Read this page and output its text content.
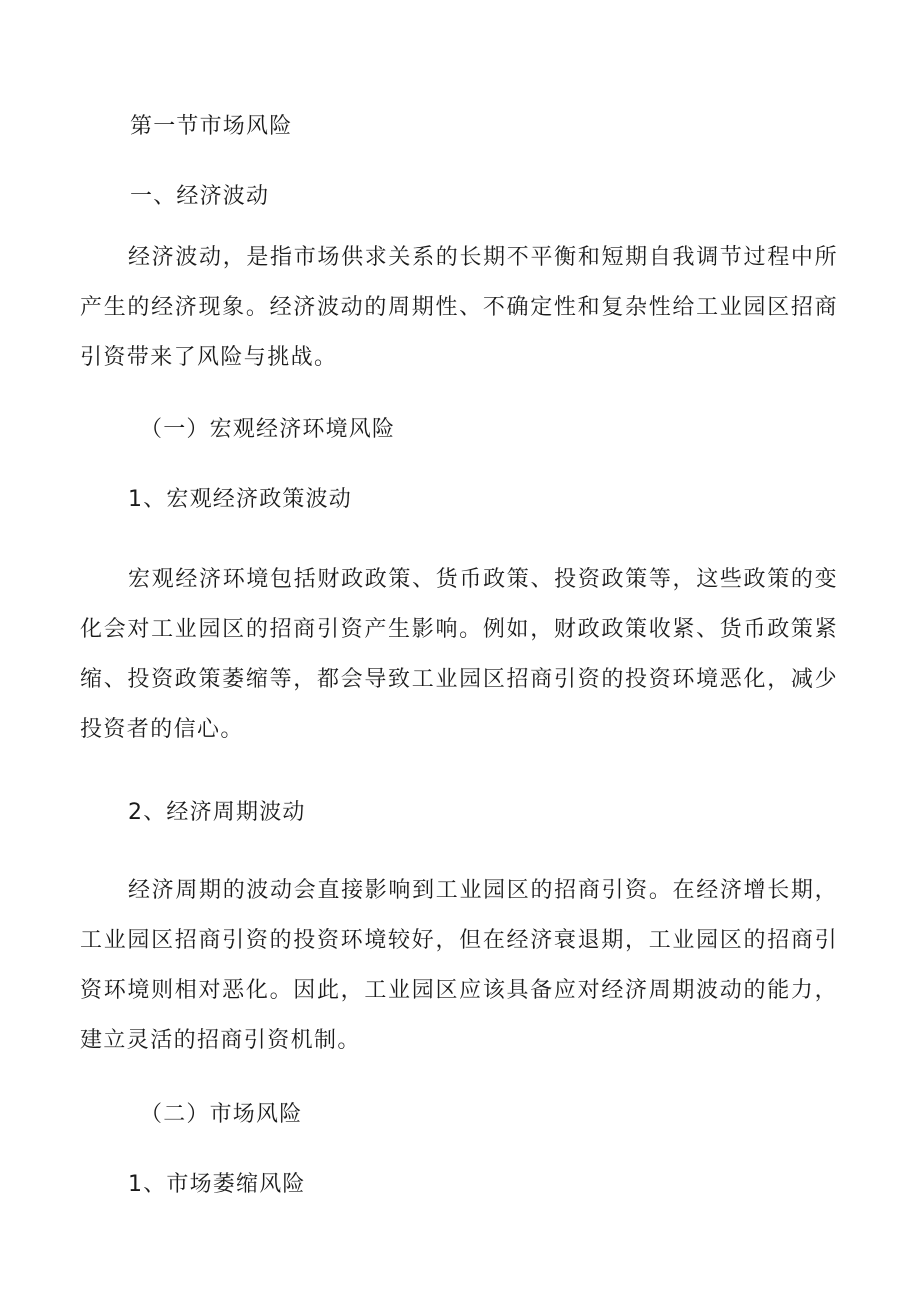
第一节市场风险
一、经济波动
经济波动，是指市场供求关系的长期不平衡和短期自我调节过程中所产生的经济现象。经济波动的周期性、不确定性和复杂性给工业园区招商引资带来了风险与挑战。
（一）宏观经济环境风险
1、宏观经济政策波动
宏观经济环境包括财政政策、货币政策、投资政策等，这些政策的变化会对工业园区的招商引资产生影响。例如，财政政策收紧、货币政策紧缩、投资政策萎缩等，都会导致工业园区招商引资的投资环境恶化，减少投资者的信心。
2、经济周期波动
经济周期的波动会直接影响到工业园区的招商引资。在经济增长期，工业园区招商引资的投资环境较好，但在经济衰退期，工业园区的招商引资环境则相对恶化。因此，工业园区应该具备应对经济周期波动的能力，建立灵活的招商引资机制。
（二）市场风险
1、市场萎缩风险
